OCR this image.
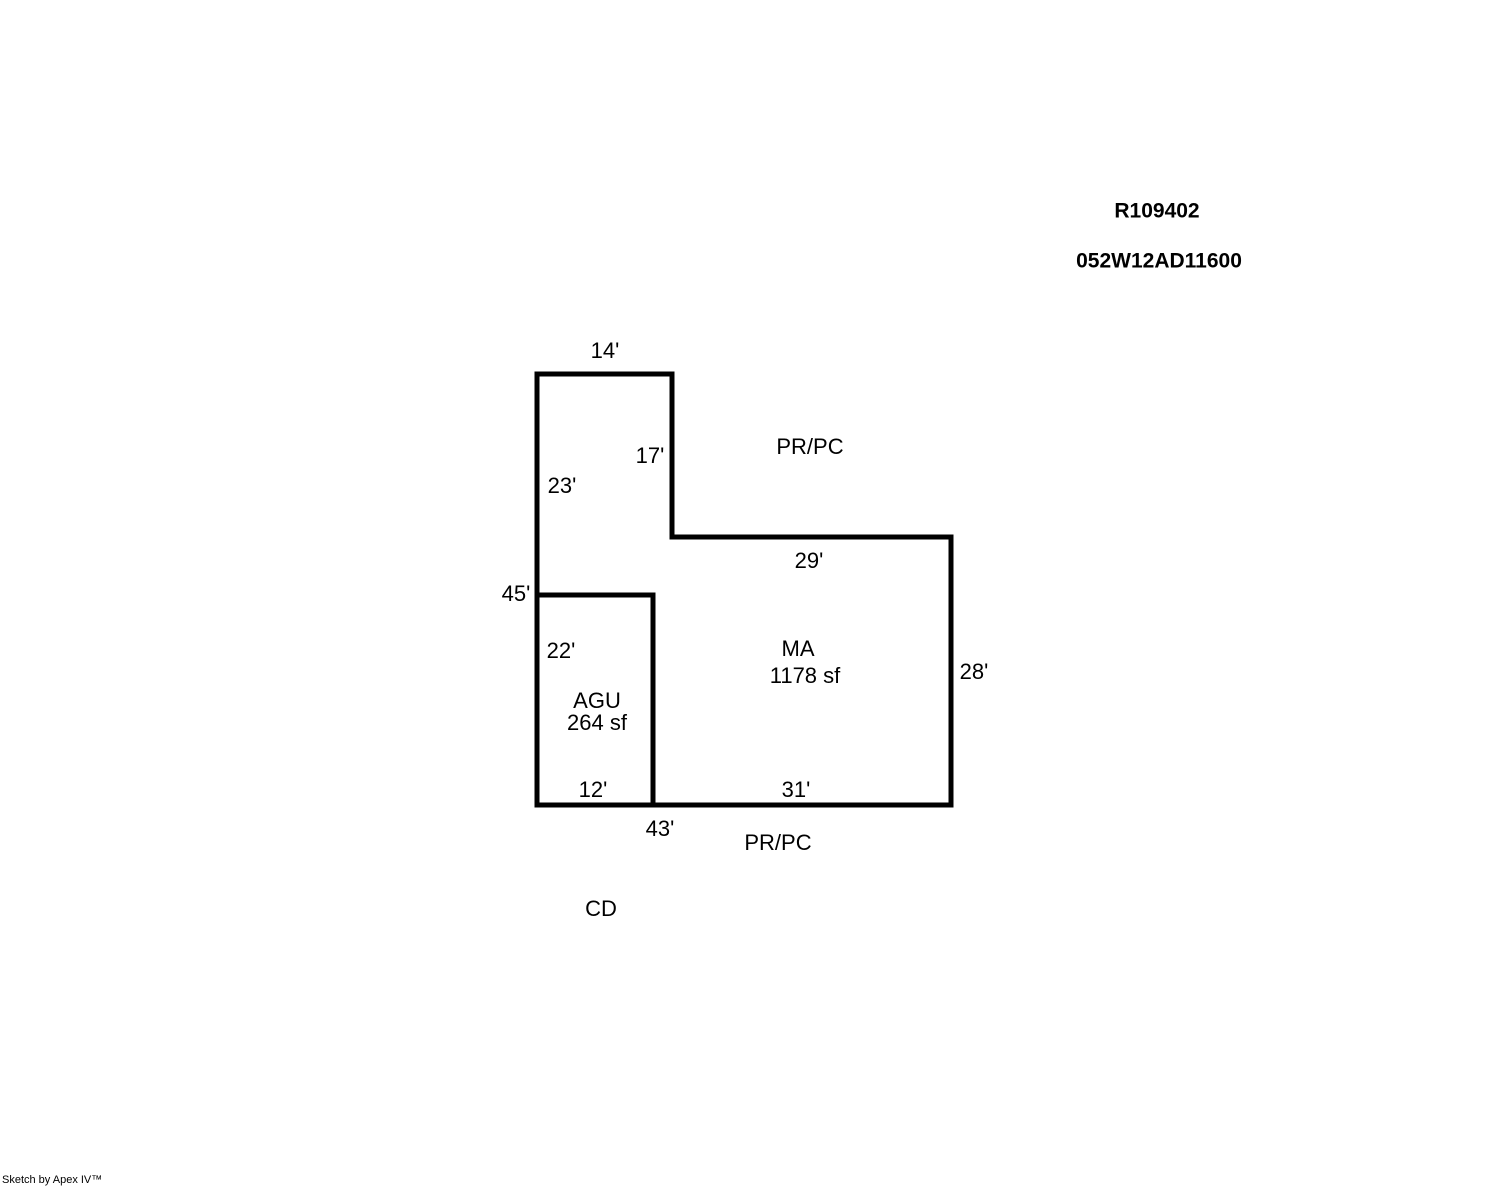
R109402
052W12AD11600
14'
17'
23'
29'
45'
22'
28'
12'	31'
43'
MA
1178 sf
AGU
264 sf
PR/PC
PR/PC
CD
Sketch by Apex IV™
